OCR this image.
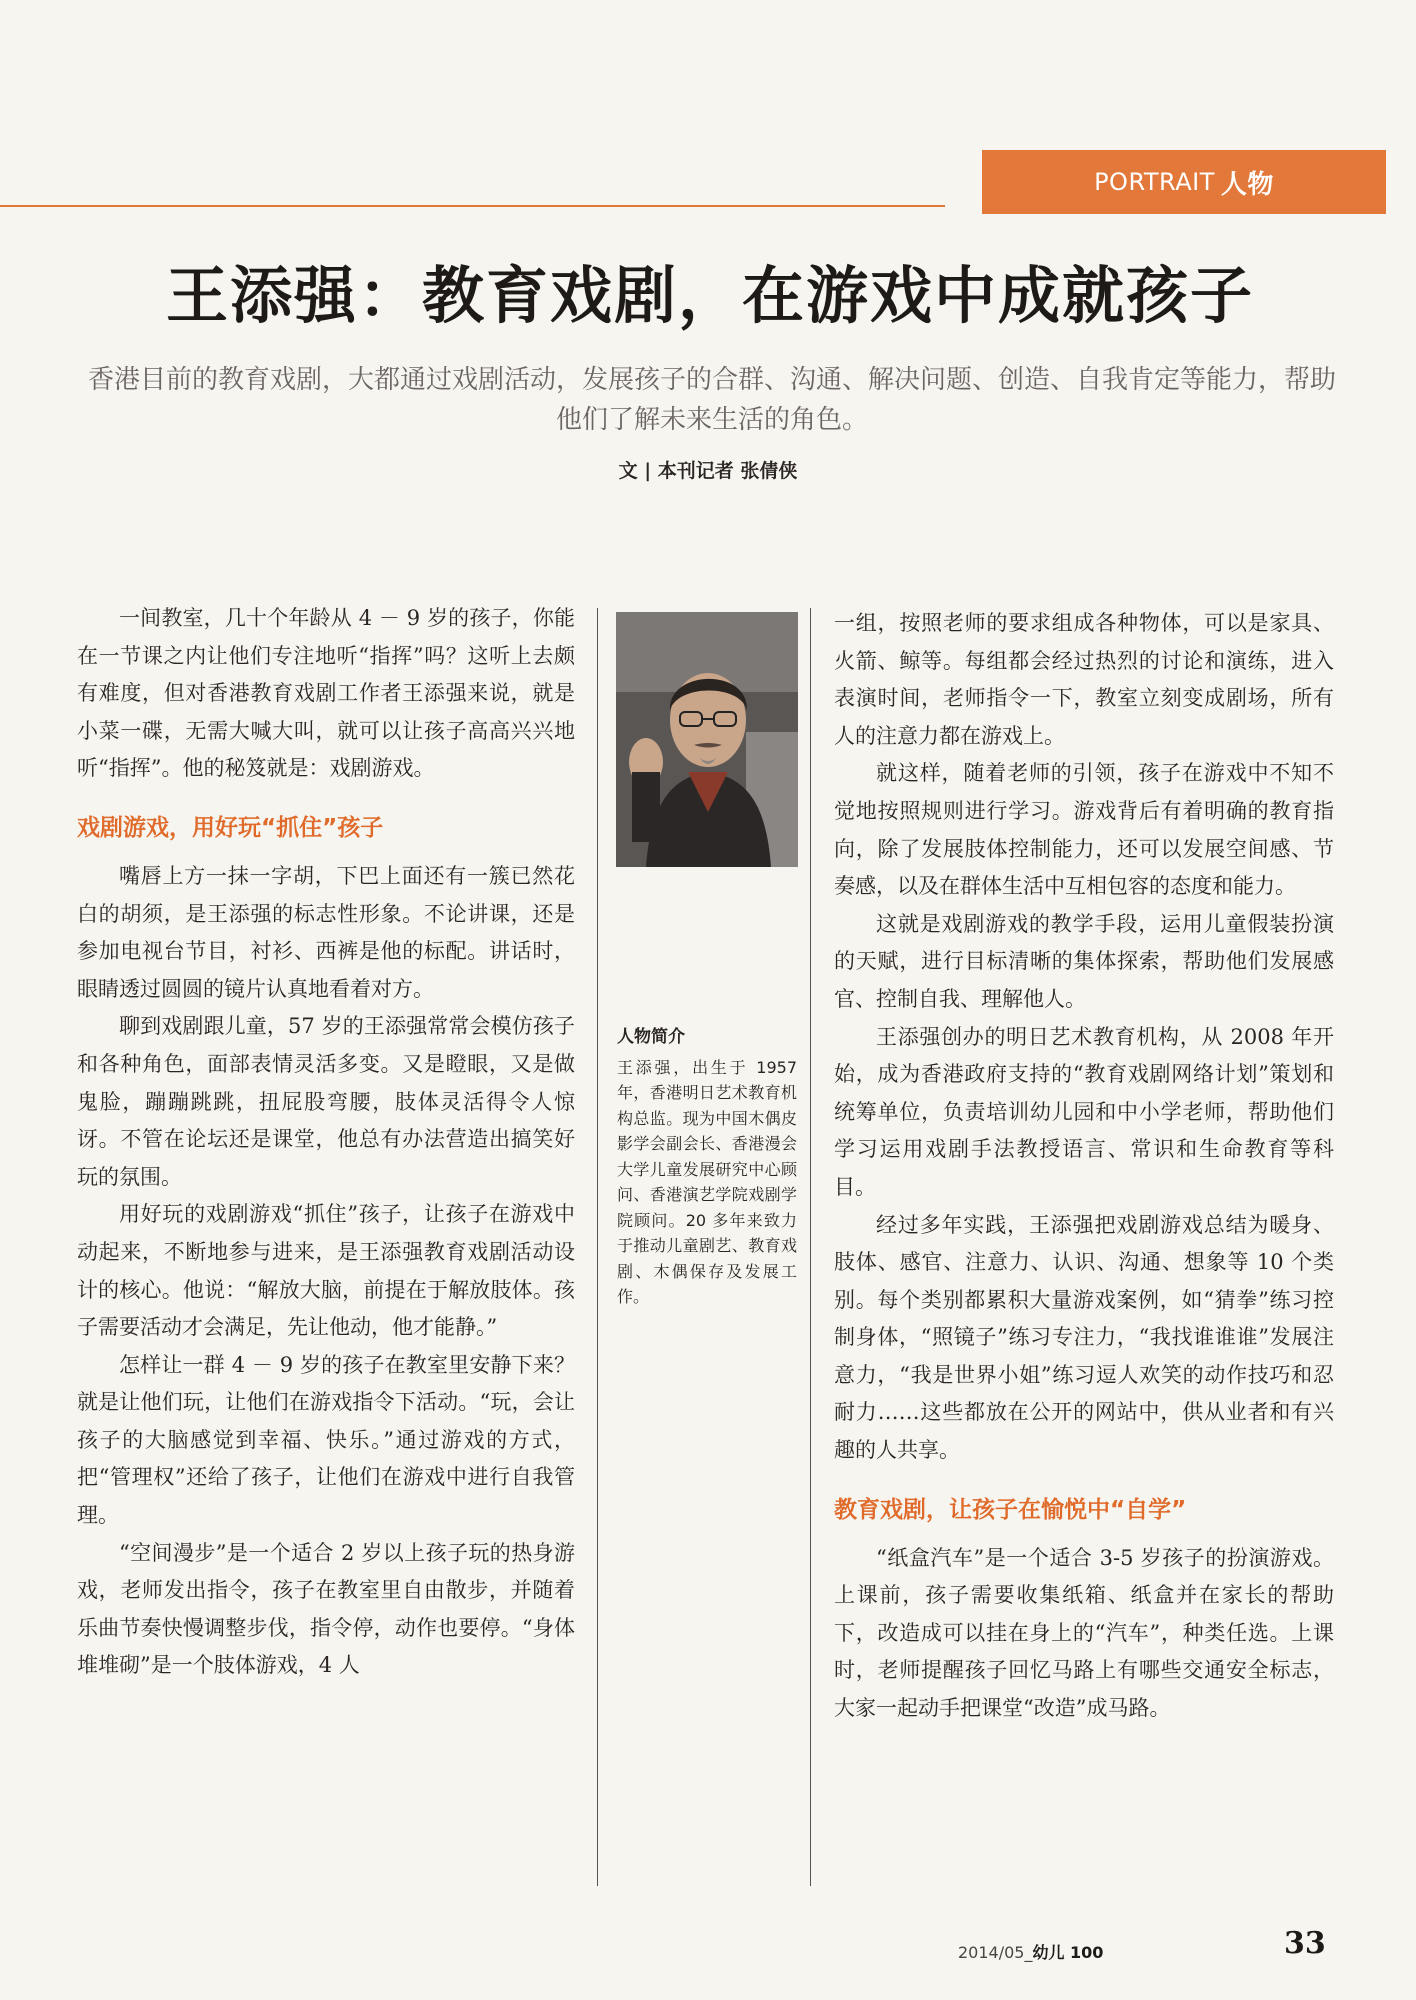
PORTRAIT 人物
王添强：教育戏剧，在游戏中成就孩子
香港目前的教育戏剧，大都通过戏剧活动，发展孩子的合群、沟通、解决问题、创造、自我肯定等能力，帮助他们了解未来生活的角色。
文 | 本刊记者 张倩侠

一间教室，几十个年龄从 4 － 9 岁的孩子，你能在一节课之内让他们专注地听“指挥”吗？这听上去颇有难度，但对香港教育戏剧工作者王添强来说，就是小菜一碟，无需大喊大叫，就可以让孩子高高兴兴地听“指挥”。他的秘笈就是：戏剧游戏。

戏剧游戏，用好玩“抓住”孩子

嘴唇上方一抹一字胡，下巴上面还有一簇已然花白的胡须，是王添强的标志性形象。不论讲课，还是参加电视台节目，衬衫、西裤是他的标配。讲话时，眼睛透过圆圆的镜片认真地看着对方。

聊到戏剧跟儿童，57 岁的王添强常常会模仿孩子和各种角色，面部表情灵活多变。又是瞪眼，又是做鬼脸，蹦蹦跳跳，扭屁股弯腰，肢体灵活得令人惊讶。不管在论坛还是课堂，他总有办法营造出搞笑好玩的氛围。

用好玩的戏剧游戏“抓住”孩子，让孩子在游戏中动起来，不断地参与进来，是王添强教育戏剧活动设计的核心。他说：“解放大脑，前提在于解放肢体。孩子需要活动才会满足，先让他动，他才能静。”

怎样让一群 4 － 9 岁的孩子在教室里安静下来？就是让他们玩，让他们在游戏指令下活动。“玩，会让孩子的大脑感觉到幸福、快乐。”通过游戏的方式，把“管理权”还给了孩子，让他们在游戏中进行自我管理。

“空间漫步”是一个适合 2 岁以上孩子玩的热身游戏，老师发出指令，孩子在教室里自由散步，并随着乐曲节奏快慢调整步伐，指令停，动作也要停。“身体堆堆砌”是一个肢体游戏，4 人

人物简介
王添强，出生于 1957 年，香港明日艺术教育机构总监。现为中国木偶皮影学会副会长、香港漫会大学儿童发展研究中心顾问、香港演艺学院戏剧学院顾问。20 多年来致力于推动儿童剧艺、教育戏剧、木偶保存及发展工作。

一组，按照老师的要求组成各种物体，可以是家具、火箭、鲸等。每组都会经过热烈的讨论和演练，进入表演时间，老师指令一下，教室立刻变成剧场，所有人的注意力都在游戏上。

就这样，随着老师的引领，孩子在游戏中不知不觉地按照规则进行学习。游戏背后有着明确的教育指向，除了发展肢体控制能力，还可以发展空间感、节奏感，以及在群体生活中互相包容的态度和能力。

这就是戏剧游戏的教学手段，运用儿童假装扮演的天赋，进行目标清晰的集体探索，帮助他们发展感官、控制自我、理解他人。

王添强创办的明日艺术教育机构，从 2008 年开始，成为香港政府支持的“教育戏剧网络计划”策划和统筹单位，负责培训幼儿园和中小学老师，帮助他们学习运用戏剧手法教授语言、常识和生命教育等科目。

经过多年实践，王添强把戏剧游戏总结为暖身、肢体、感官、注意力、认识、沟通、想象等 10 个类别。每个类别都累积大量游戏案例，如“猜拳”练习控制身体，“照镜子”练习专注力，“我找谁谁谁”发展注意力，“我是世界小姐”练习逗人欢笑的动作技巧和忍耐力……这些都放在公开的网站中，供从业者和有兴趣的人共享。

教育戏剧，让孩子在愉悦中“自学”

“纸盒汽车”是一个适合 3-5 岁孩子的扮演游戏。上课前，孩子需要收集纸箱、纸盒并在家长的帮助下，改造成可以挂在身上的“汽车”，种类任选。上课时，老师提醒孩子回忆马路上有哪些交通安全标志，大家一起动手把课堂“改造”成马路。

2014/05_幼儿 100	33
